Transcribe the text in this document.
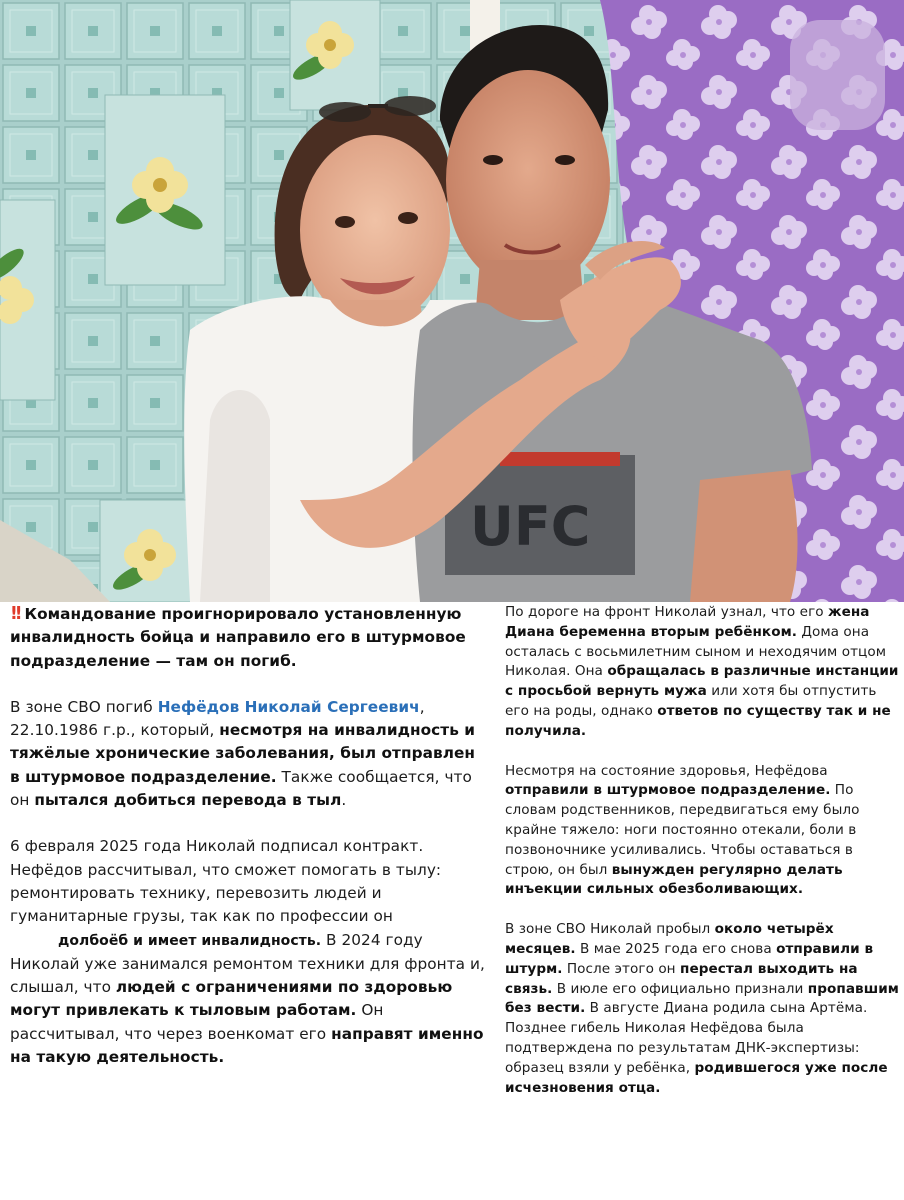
UFC

!! Командование проигнорировало установленную инвалидность бойца и направило его в штурмовое подразделение — там он погиб.

В зоне СВО погиб Нефёдов Николай Сергеевич, 22.10.1986 г.р., который, несмотря на инвалидность и тяжёлые хронические заболевания, был отправлен в штурмовое подразделение. Также сообщается, что он пытался добиться перевода в тыл.

6 февраля 2025 года Николай подписал контракт. Нефёдов рассчитывал, что сможет помогать в тылу: ремонтировать технику, перевозить людей и гуманитарные грузы, так как по профессии он
долбоёб и имеет инвалидность. В 2024 году Николай уже занимался ремонтом техники для фронта и, слышал, что людей с ограничениями по здоровью могут привлекать к тыловым работам. Он рассчитывал, что через военкомат его направят именно на такую деятельность.

По дороге на фронт Николай узнал, что его жена Диана беременна вторым ребёнком. Дома она осталась с восьмилетним сыном и неходячим отцом Николая. Она обращалась в различные инстанции с просьбой вернуть мужа или хотя бы отпустить его на роды, однако ответов по существу так и не получила.

Несмотря на состояние здоровья, Нефёдова отправили в штурмовое подразделение. По словам родственников, передвигаться ему было крайне тяжело: ноги постоянно отекали, боли в позвоночнике усиливались. Чтобы оставаться в строю, он был вынужден регулярно делать инъекции сильных обезболивающих.

В зоне СВО Николай пробыл около четырёх месяцев. В мае 2025 года его снова отправили в штурм. После этого он перестал выходить на связь. В июле его официально признали пропавшим без вести. В августе Диана родила сына Артёма. Позднее гибель Николая Нефёдова была подтверждена по результатам ДНК-экспертизы: образец взяли у ребёнка, родившегося уже после исчезновения отца.
